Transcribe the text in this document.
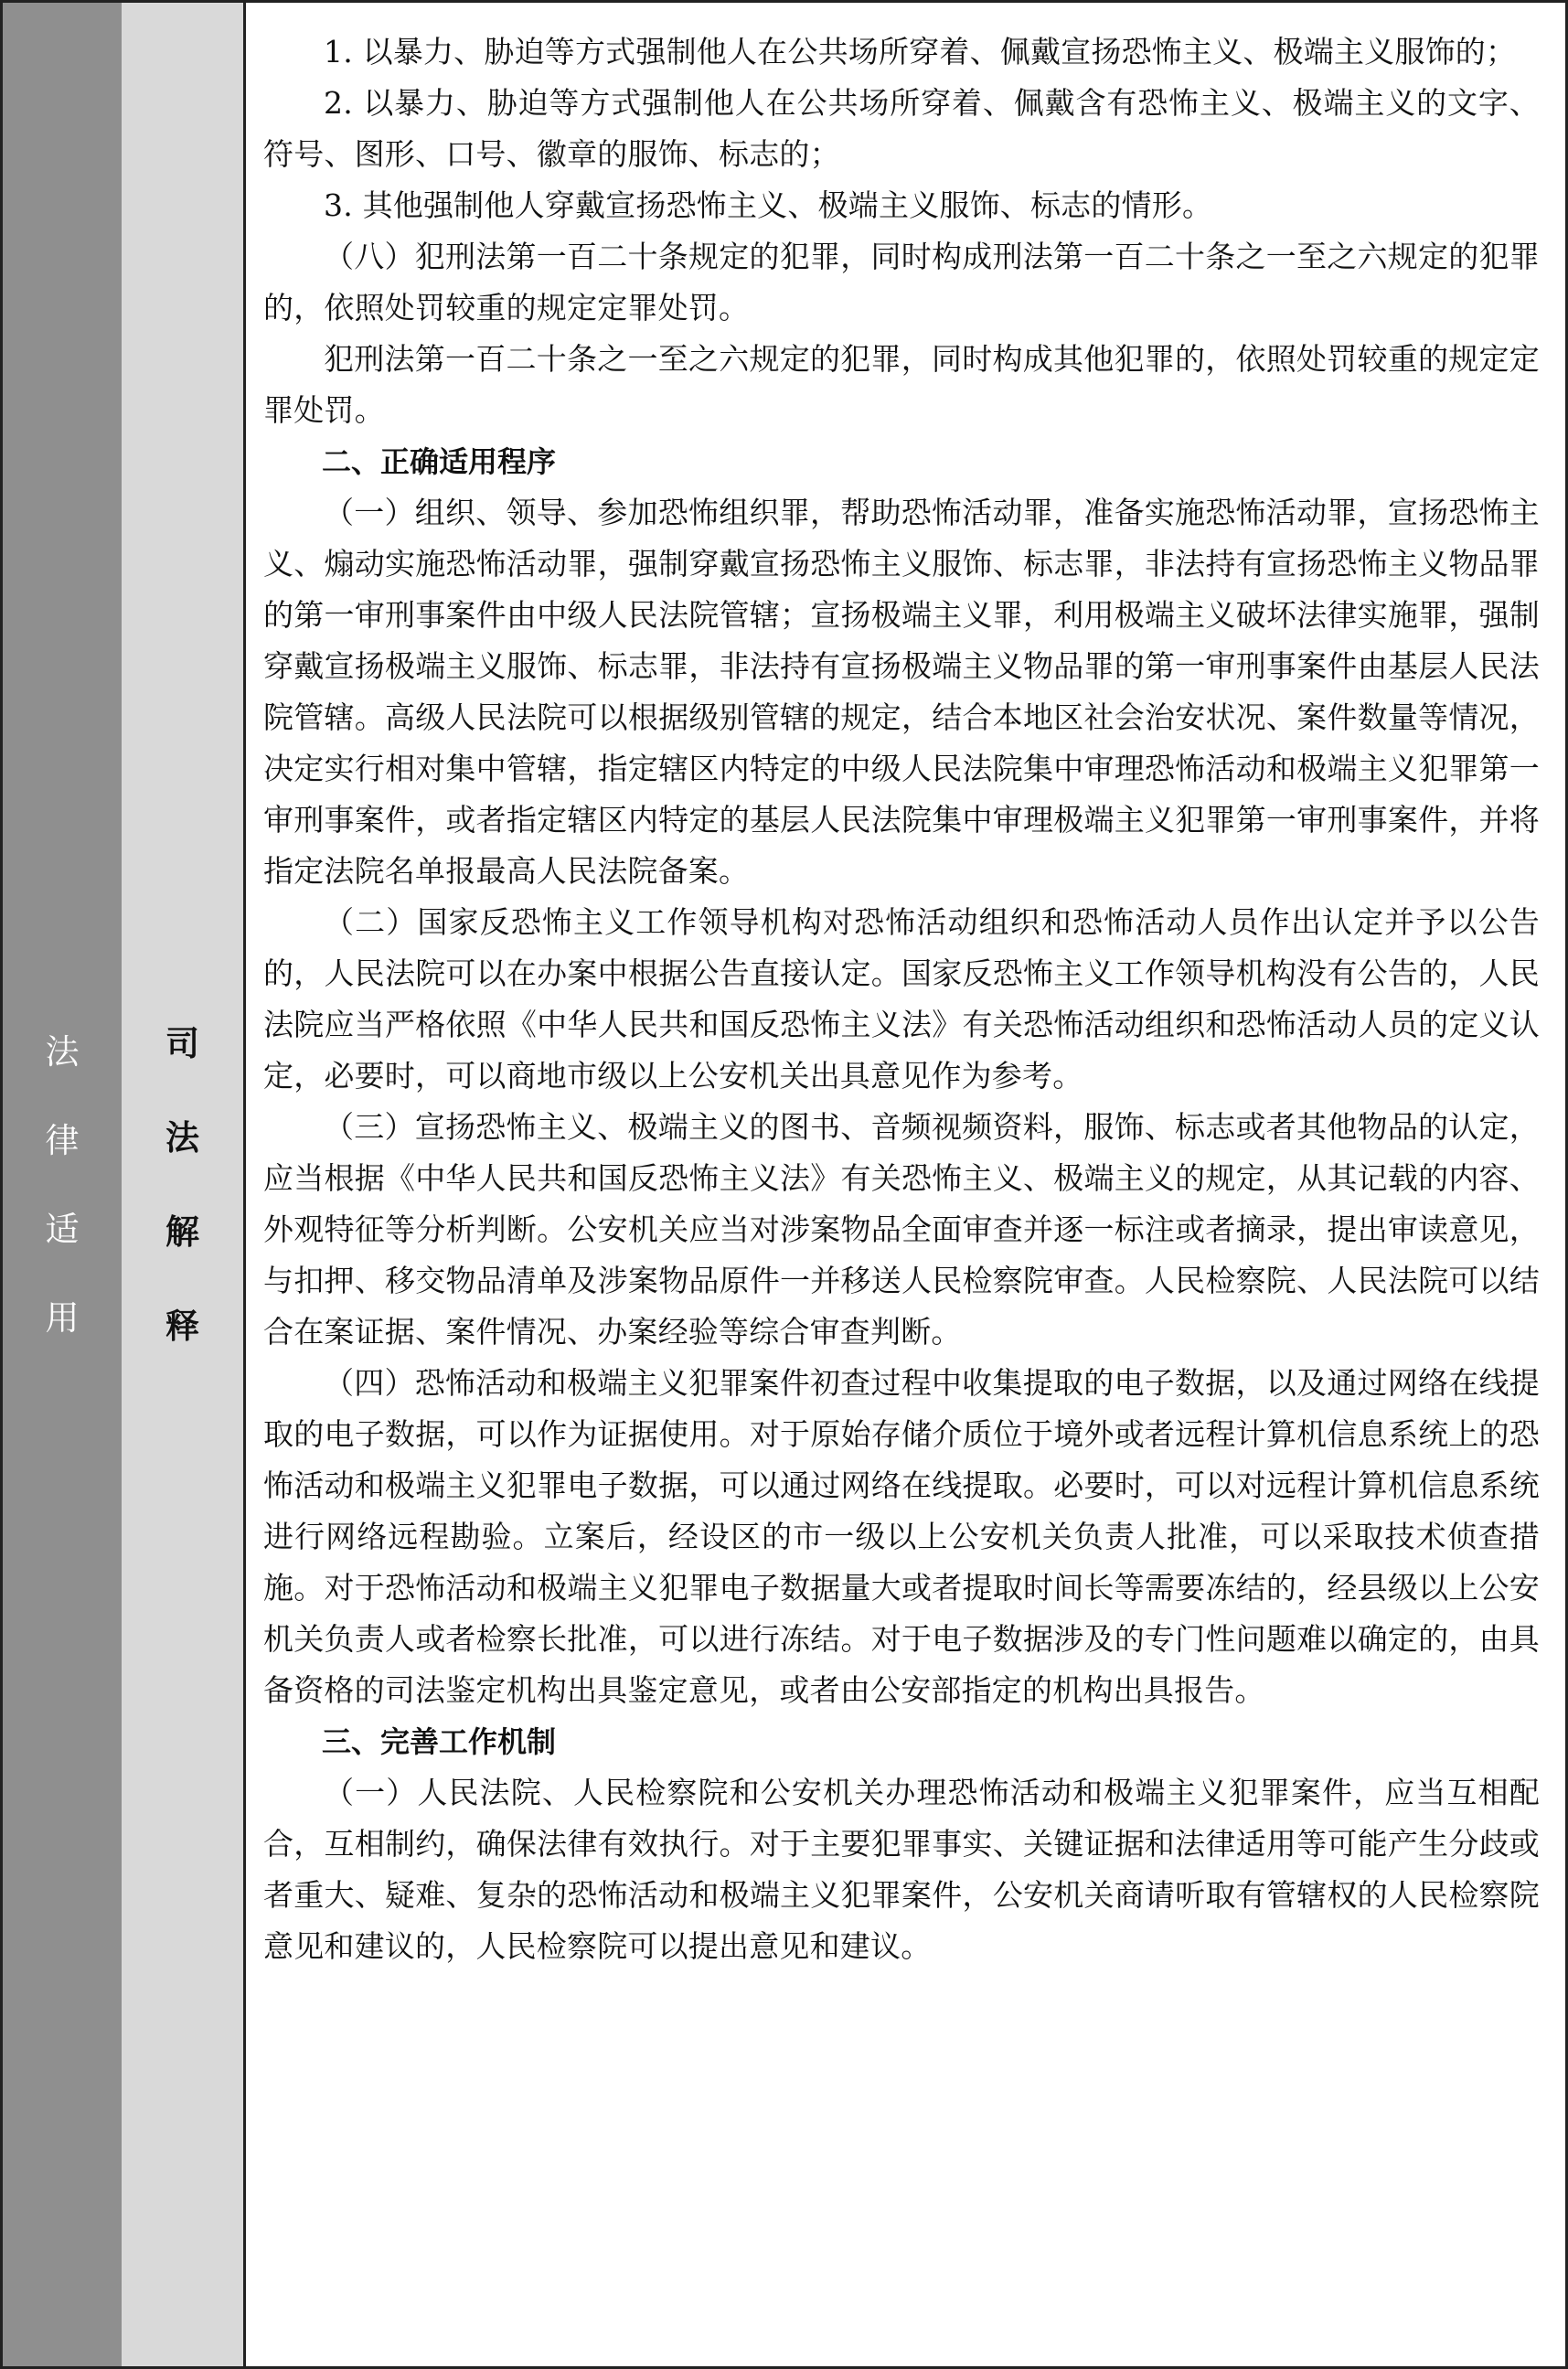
法
律
适
用
司
法
解
释

1. 以暴力、胁迫等方式强制他人在公共场所穿着、佩戴宣扬恐怖主义、极端主义服饰的；

2. 以暴力、胁迫等方式强制他人在公共场所穿着、佩戴含有恐怖主义、极端主义的文字、符号、图形、口号、徽章的服饰、标志的；

3. 其他强制他人穿戴宣扬恐怖主义、极端主义服饰、标志的情形。

（八）犯刑法第一百二十条规定的犯罪，同时构成刑法第一百二十条之一至之六规定的犯罪的，依照处罚较重的规定定罪处罚。

犯刑法第一百二十条之一至之六规定的犯罪，同时构成其他犯罪的，依照处罚较重的规定定罪处罚。

二、正确适用程序

（一）组织、领导、参加恐怖组织罪，帮助恐怖活动罪，准备实施恐怖活动罪，宣扬恐怖主义、煽动实施恐怖活动罪，强制穿戴宣扬恐怖主义服饰、标志罪，非法持有宣扬恐怖主义物品罪的第一审刑事案件由中级人民法院管辖；宣扬极端主义罪，利用极端主义破坏法律实施罪，强制穿戴宣扬极端主义服饰、标志罪，非法持有宣扬极端主义物品罪的第一审刑事案件由基层人民法院管辖。高级人民法院可以根据级别管辖的规定，结合本地区社会治安状况、案件数量等情况，决定实行相对集中管辖，指定辖区内特定的中级人民法院集中审理恐怖活动和极端主义犯罪第一审刑事案件，或者指定辖区内特定的基层人民法院集中审理极端主义犯罪第一审刑事案件，并将指定法院名单报最高人民法院备案。

（二）国家反恐怖主义工作领导机构对恐怖活动组织和恐怖活动人员作出认定并予以公告的，人民法院可以在办案中根据公告直接认定。国家反恐怖主义工作领导机构没有公告的，人民法院应当严格依照《中华人民共和国反恐怖主义法》有关恐怖活动组织和恐怖活动人员的定义认定，必要时，可以商地市级以上公安机关出具意见作为参考。

（三）宣扬恐怖主义、极端主义的图书、音频视频资料，服饰、标志或者其他物品的认定，应当根据《中华人民共和国反恐怖主义法》有关恐怖主义、极端主义的规定，从其记载的内容、外观特征等分析判断。公安机关应当对涉案物品全面审查并逐一标注或者摘录，提出审读意见，与扣押、移交物品清单及涉案物品原件一并移送人民检察院审查。人民检察院、人民法院可以结合在案证据、案件情况、办案经验等综合审查判断。

（四）恐怖活动和极端主义犯罪案件初查过程中收集提取的电子数据，以及通过网络在线提取的电子数据，可以作为证据使用。对于原始存储介质位于境外或者远程计算机信息系统上的恐怖活动和极端主义犯罪电子数据，可以通过网络在线提取。必要时，可以对远程计算机信息系统进行网络远程勘验。立案后，经设区的市一级以上公安机关负责人批准，可以采取技术侦查措施。对于恐怖活动和极端主义犯罪电子数据量大或者提取时间长等需要冻结的，经县级以上公安机关负责人或者检察长批准，可以进行冻结。对于电子数据涉及的专门性问题难以确定的，由具备资格的司法鉴定机构出具鉴定意见，或者由公安部指定的机构出具报告。

三、完善工作机制

（一）人民法院、人民检察院和公安机关办理恐怖活动和极端主义犯罪案件，应当互相配合，互相制约，确保法律有效执行。对于主要犯罪事实、关键证据和法律适用等可能产生分歧或者重大、疑难、复杂的恐怖活动和极端主义犯罪案件，公安机关商请听取有管辖权的人民检察院意见和建议的，人民检察院可以提出意见和建议。
